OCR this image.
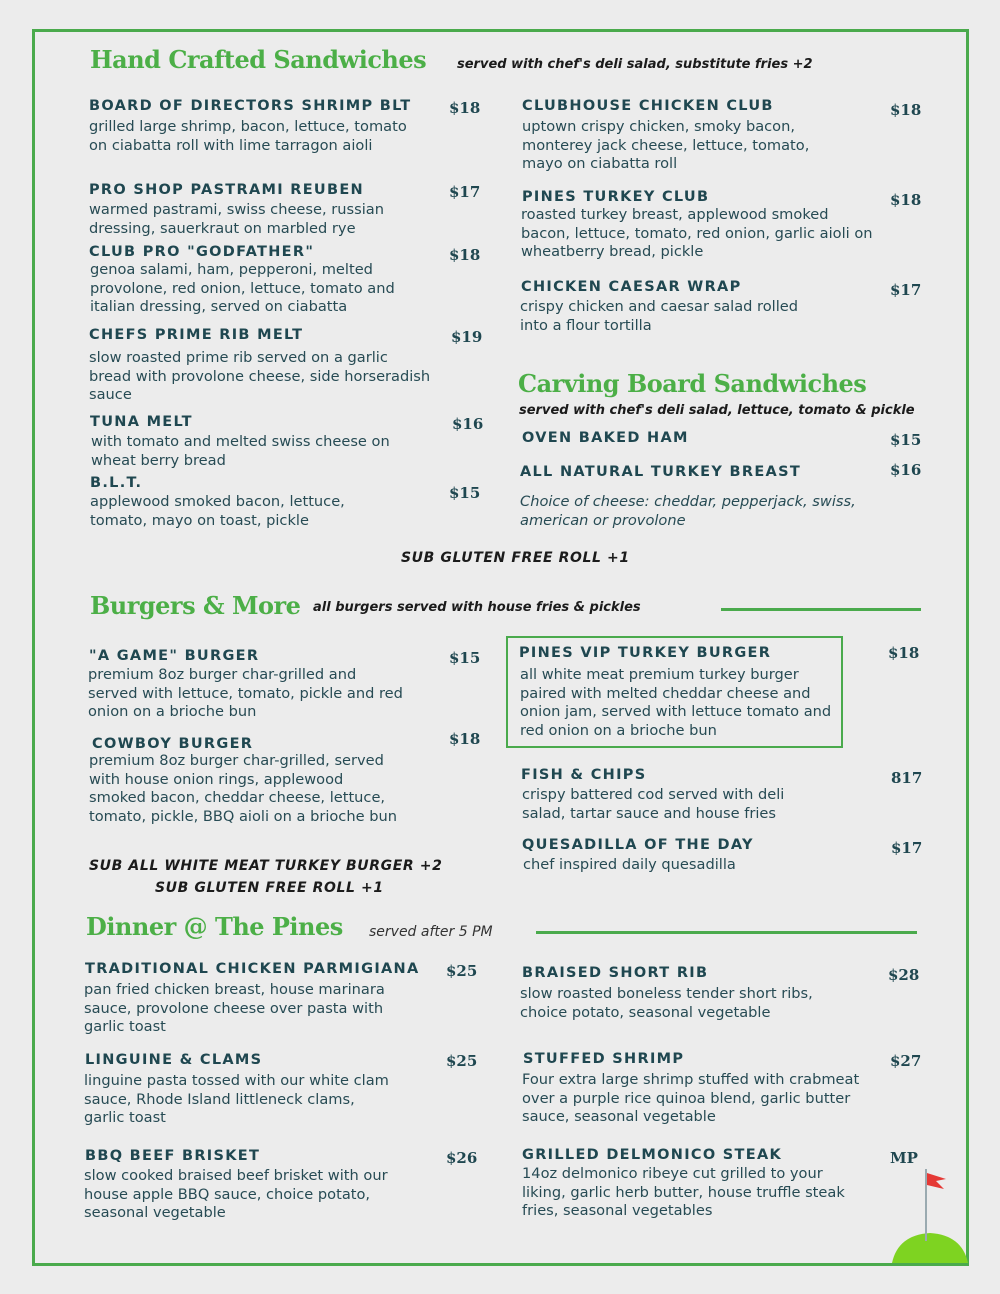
Hand Crafted Sandwiches served with chef's deli salad, substitute fries +2
BOARD OF DIRECTORS SHRIMP BLT	$18
grilled large shrimp, bacon, lettuce, tomato on ciabatta roll with lime tarragon aioli
PRO SHOP PASTRAMI REUBEN	$17
warmed pastrami, swiss cheese, russian dressing, sauerkraut on marbled rye
CLUB PRO "GODFATHER"	$18
genoa salami, ham, pepperoni, melted provolone, red onion, lettuce, tomato and italian dressing, served on ciabatta
CHEFS PRIME RIB MELT	$19
slow roasted prime rib served on a garlic bread with provolone cheese, side horseradish sauce
TUNA MELT	$16
with tomato and melted swiss cheese on wheat berry bread
B.L.T.
$15
applewood smoked bacon, lettuce, tomato, mayo on toast, pickle
CLUBHOUSE CHICKEN CLUB	$18
uptown crispy chicken, smoky bacon, monterey jack cheese, lettuce, tomato, mayo on ciabatta roll
PINES TURKEY CLUB	$18
roasted turkey breast, applewood smoked bacon, lettuce, tomato, red onion, garlic aioli on wheatberry bread, pickle
CHICKEN CAESAR WRAP	$17
crispy chicken and caesar salad rolled into a flour tortilla
Carving Board Sandwiches
served with chef's deli salad, lettuce, tomato & pickle
OVEN BAKED HAM	$15
ALL NATURAL TURKEY BREAST	$16
Choice of cheese: cheddar, pepperjack, swiss, american or provolone
SUB GLUTEN FREE ROLL +1
Burgers & More all burgers served with house fries & pickles
"A GAME" BURGER	$15
premium 8oz burger char-grilled and served with lettuce, tomato, pickle and red onion on a brioche bun
COWBOY BURGER	$18
premium 8oz burger char-grilled, served with house onion rings, applewood smoked bacon, cheddar cheese, lettuce, tomato, pickle, BBQ aioli on a brioche bun
SUB ALL WHITE MEAT TURKEY BURGER +2
SUB GLUTEN FREE ROLL +1
PINES VIP TURKEY BURGER	$18
all white meat premium turkey burger paired with melted cheddar cheese and onion jam, served with lettuce tomato and red onion on a brioche bun
FISH & CHIPS	817
crispy battered cod served with deli salad, tartar sauce and house fries
QUESADILLA OF THE DAY	$17
chef inspired daily quesadilla
Dinner @ The Pines served after 5 PM
TRADITIONAL CHICKEN PARMIGIANA $25
pan fried chicken breast, house marinara sauce, provolone cheese over pasta with garlic toast
LINGUINE & CLAMS	$25
linguine pasta tossed with our white clam sauce, Rhode Island littleneck clams, garlic toast
BBQ BEEF BRISKET	$26
slow cooked braised beef brisket with our house apple BBQ sauce, choice potato, seasonal vegetable
BRAISED SHORT RIB	$28
slow roasted boneless tender short ribs, choice potato, seasonal vegetable
STUFFED SHRIMP	$27
Four extra large shrimp stuffed with crabmeat over a purple rice quinoa blend, garlic butter sauce, seasonal vegetable
GRILLED DELMONICO STEAK	MP
14oz delmonico ribeye cut grilled to your liking, garlic herb butter, house truffle steak fries, seasonal vegetables
